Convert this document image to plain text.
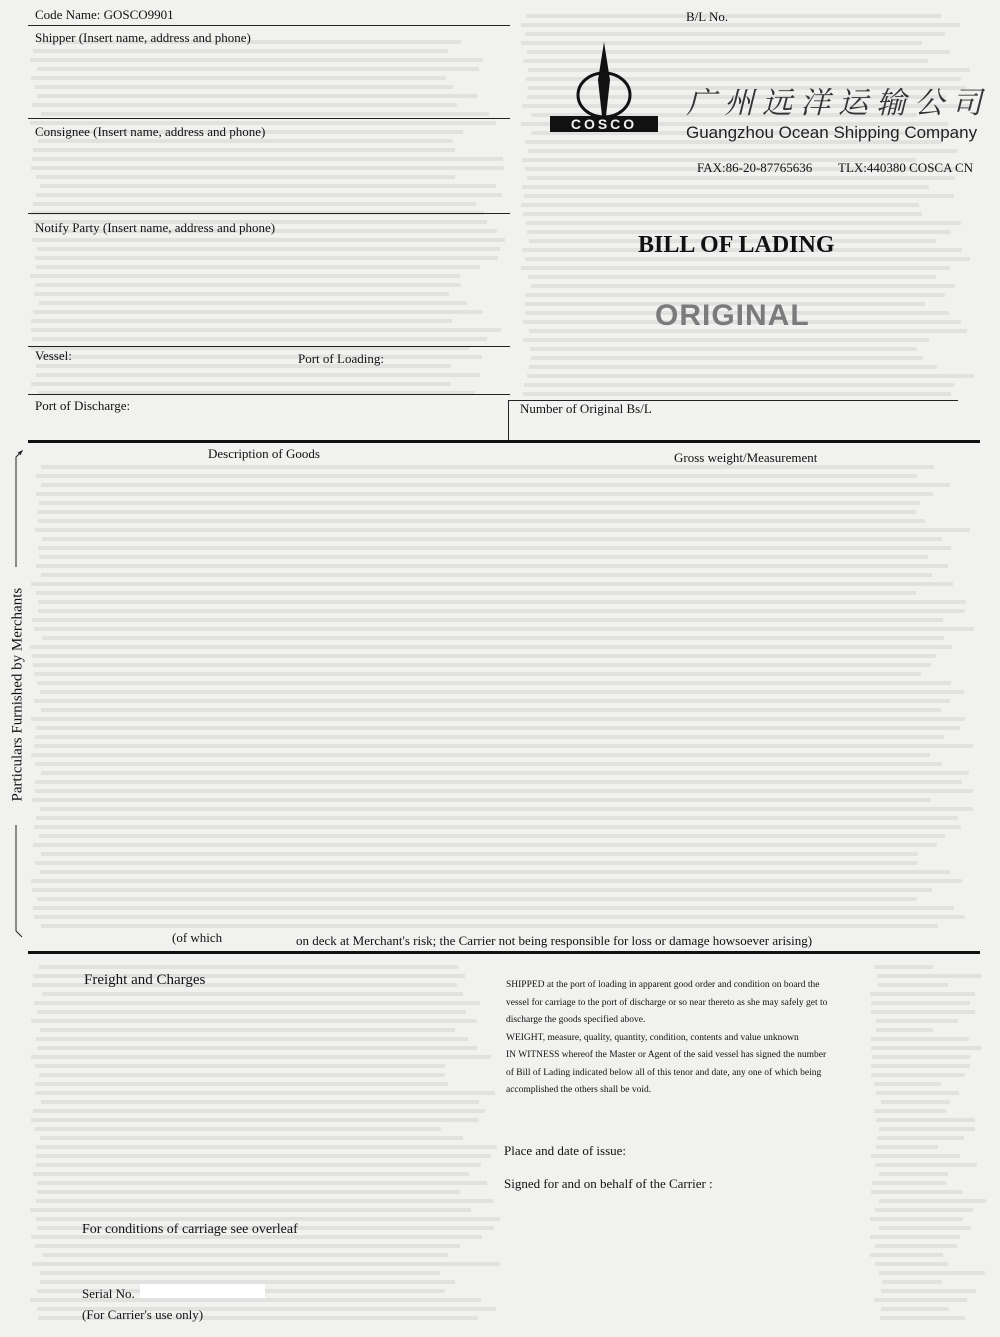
Code Name: GOSCO9901	B/L No.
Shipper (Insert name, address and phone)
Consignee (Insert name, address and phone)
Notify Party (Insert name, address and phone)
Vessel:	Port of Loading:
Port of Discharge:	Number of Original Bs/L
COSCO
广州远洋运输公司
Guangzhou Ocean Shipping Company
FAX:86-20-87765636 TLX:440380 COSCA CN
BILL OF LADING
ORIGINAL
Description of Goods	Gross weight/Measurement
Particulars Furnished by Merchants
(of which	on deck at Merchant's risk; the Carrier not being responsible for loss or damage howsoever arising)
Freight and Charges	SHIPPED at the port of loading in apparent good order and condition on board the
vessel for carriage to the port of discharge or so near thereto as she may safely get to
discharge the goods specified above.
WEIGHT, measure, quality, quantity, condition, contents and value unknown
IN WITNESS whereof the Master or Agent of the said vessel has signed the number
of Bill of Lading indicated below all of this tenor and date, any one of which being
accomplished the others shall be void.
Place and date of issue:
Signed for and on behalf of the Carrier :
For conditions of carriage see overleaf
Serial No.
(For Carrier's use only)
